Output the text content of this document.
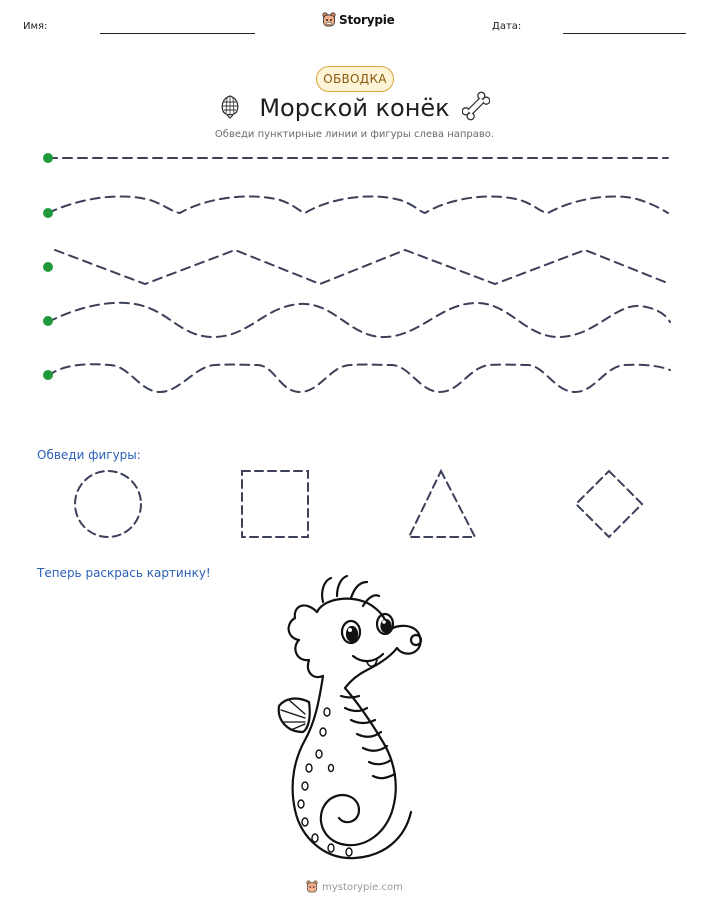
Имя:	Storypie	Дата:
ОБВОДКА
Морской конёк
Обведи пунктирные линии и фигуры слева направо.
Обведи фигуры:
Теперь раскрась картинку!
mystorypie.com
